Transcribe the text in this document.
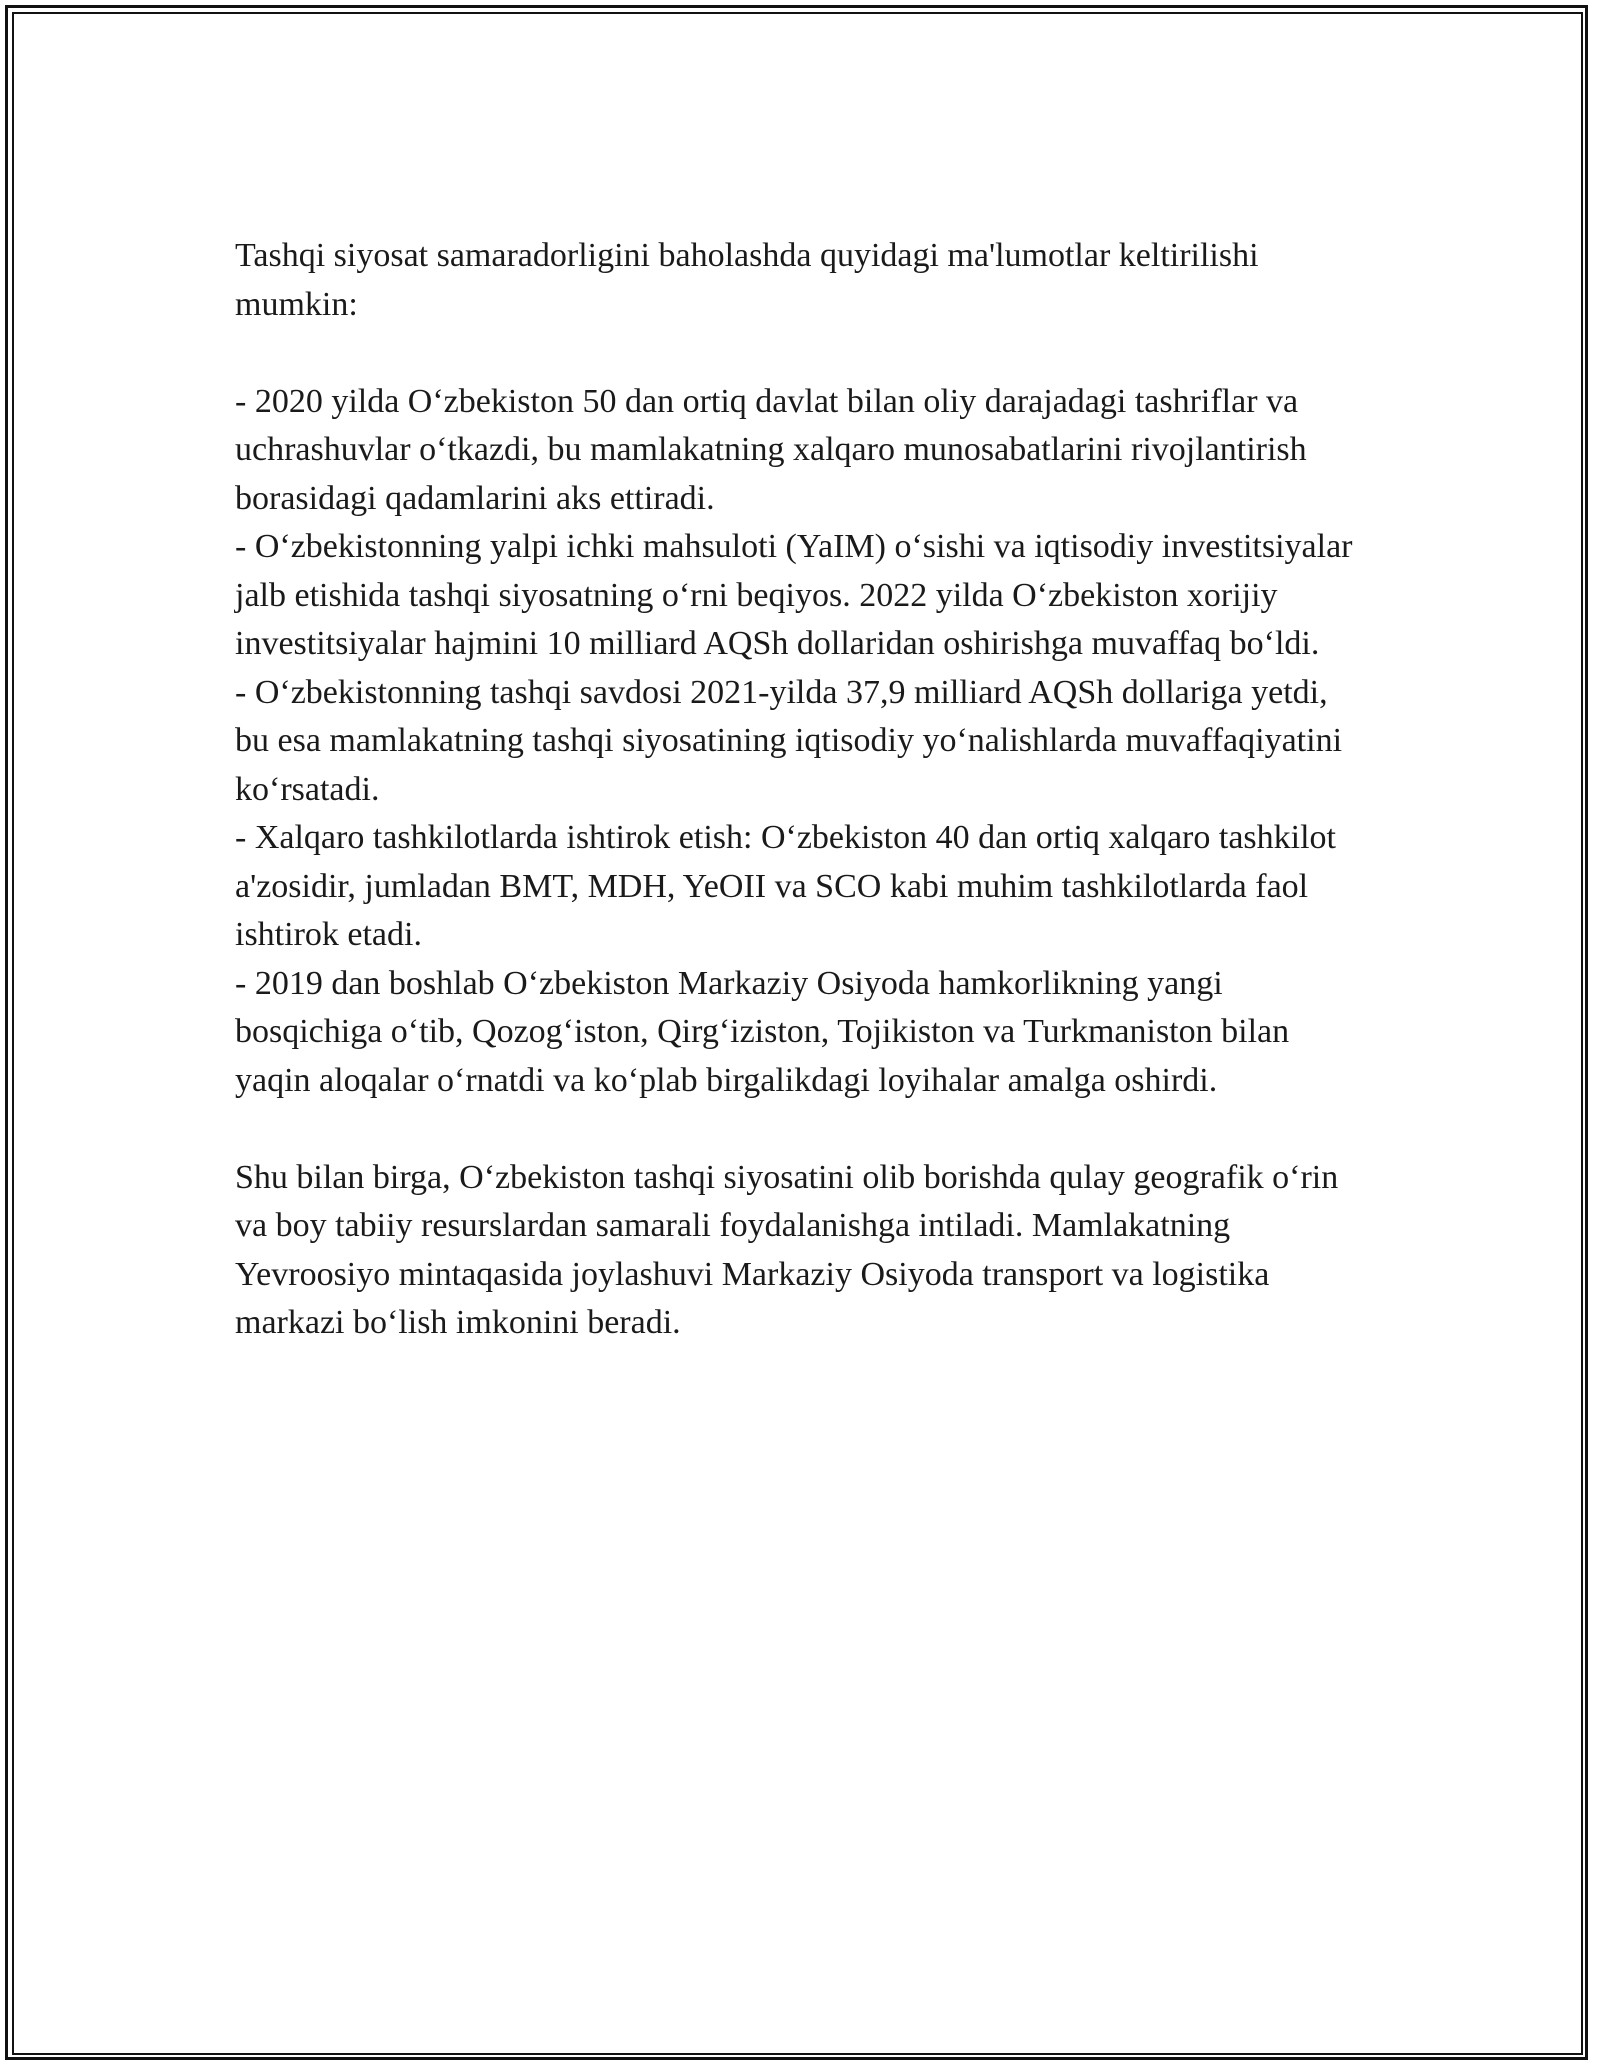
Tashqi siyosat samaradorligini baholashda quyidagi ma'lumotlar keltirilishi mumkin:

- 2020 yilda O‘zbekiston 50 dan ortiq davlat bilan oliy darajadagi tashriflar va uchrashuvlar o‘tkazdi, bu mamlakatning xalqaro munosabatlarini rivojlantirish borasidagi qadamlarini aks ettiradi.

- O‘zbekistonning yalpi ichki mahsuloti (YaIM) o‘sishi va iqtisodiy investitsiyalar jalb etishida tashqi siyosatning o‘rni beqiyos. 2022 yilda O‘zbekiston xorijiy investitsiyalar hajmini 10 milliard AQSh dollaridan oshirishga muvaffaq bo‘ldi.

- O‘zbekistonning tashqi savdosi 2021-yilda 37,9 milliard AQSh dollariga yetdi, bu esa mamlakatning tashqi siyosatining iqtisodiy yo‘nalishlarda muvaffaqiyatini ko‘rsatadi.

- Xalqaro tashkilotlarda ishtirok etish: O‘zbekiston 40 dan ortiq xalqaro tashkilot a'zosidir, jumladan BMT, MDH, YeOII va SCO kabi muhim tashkilotlarda faol ishtirok etadi.

- 2019 dan boshlab O‘zbekiston Markaziy Osiyoda hamkorlikning yangi bosqichiga o‘tib, Qozog‘iston, Qirg‘iziston, Tojikiston va Turkmaniston bilan yaqin aloqalar o‘rnatdi va ko‘plab birgalikdagi loyihalar amalga oshirdi.

Shu bilan birga, O‘zbekiston tashqi siyosatini olib borishda qulay geografik o‘rin va boy tabiiy resurslardan samarali foydalanishga intiladi. Mamlakatning Yevroosiyo mintaqasida joylashuvi Markaziy Osiyoda transport va logistika markazi bo‘lish imkonini beradi.
